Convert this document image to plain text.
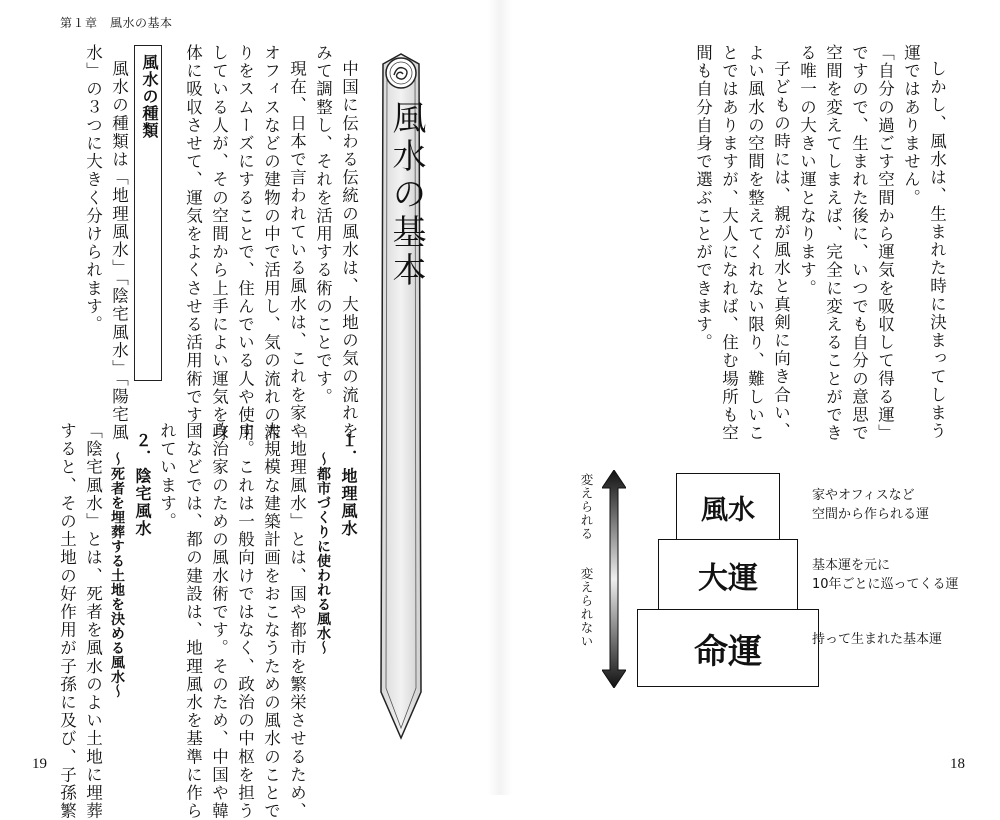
第１章　風水の基本
19	18
風水の基本
中国に伝わる伝統の風水は、大地の気の流れを
みて調整し、それを活用する術のことです。
現在、日本で言われている風水は、これを家や
オフィスなどの建物の中で活用し、気の流れの滞
りをスムーズにすることで、住んでいる人や使用
している人が、その空間から上手によい運気を身
体に吸収させて、運気をよくさせる活用術です。
風水の種類
風水の種類は「地理風水」「陰宅風水」「陽宅風
水」の３つに大きく分けられます。
１．地理風水
～都市づくりに使われる風水～
「地理風水」とは、国や都市を繁栄させるため、
大規模な建築計画をおこなうための風水のことで
す。これは一般向けではなく、政治の中枢を担う
政治家のための風水術です。そのため、中国や韓
国などでは、都の建設は、地理風水を基準に作ら
れています。
２．陰宅風水
～死者を埋葬する土地を決める風水～
「陰宅風水」とは、死者を風水のよい土地に埋葬
すると、その土地の好作用が子孫に及び、子孫繁
しかし、風水は、生まれた時に決まってしまう
運ではありません。
「自分の過ごす空間から運気を吸収して得る運」
ですので、生まれた後に、いつでも自分の意思で
空間を変えてしまえば、完全に変えることができ
る唯一の大きい運となります。
子どもの時には、親が風水と真剣に向き合い、
よい風水の空間を整えてくれない限り、難しいこ
とではありますが、大人になれば、住む場所も空
間も自分自身で選ぶことができます。
変えられる
変えられない
風水
大運
命運
家やオフィスなど
空間から作られる運
基本運を元に
10年ごとに巡ってくる運
持って生まれた基本運
